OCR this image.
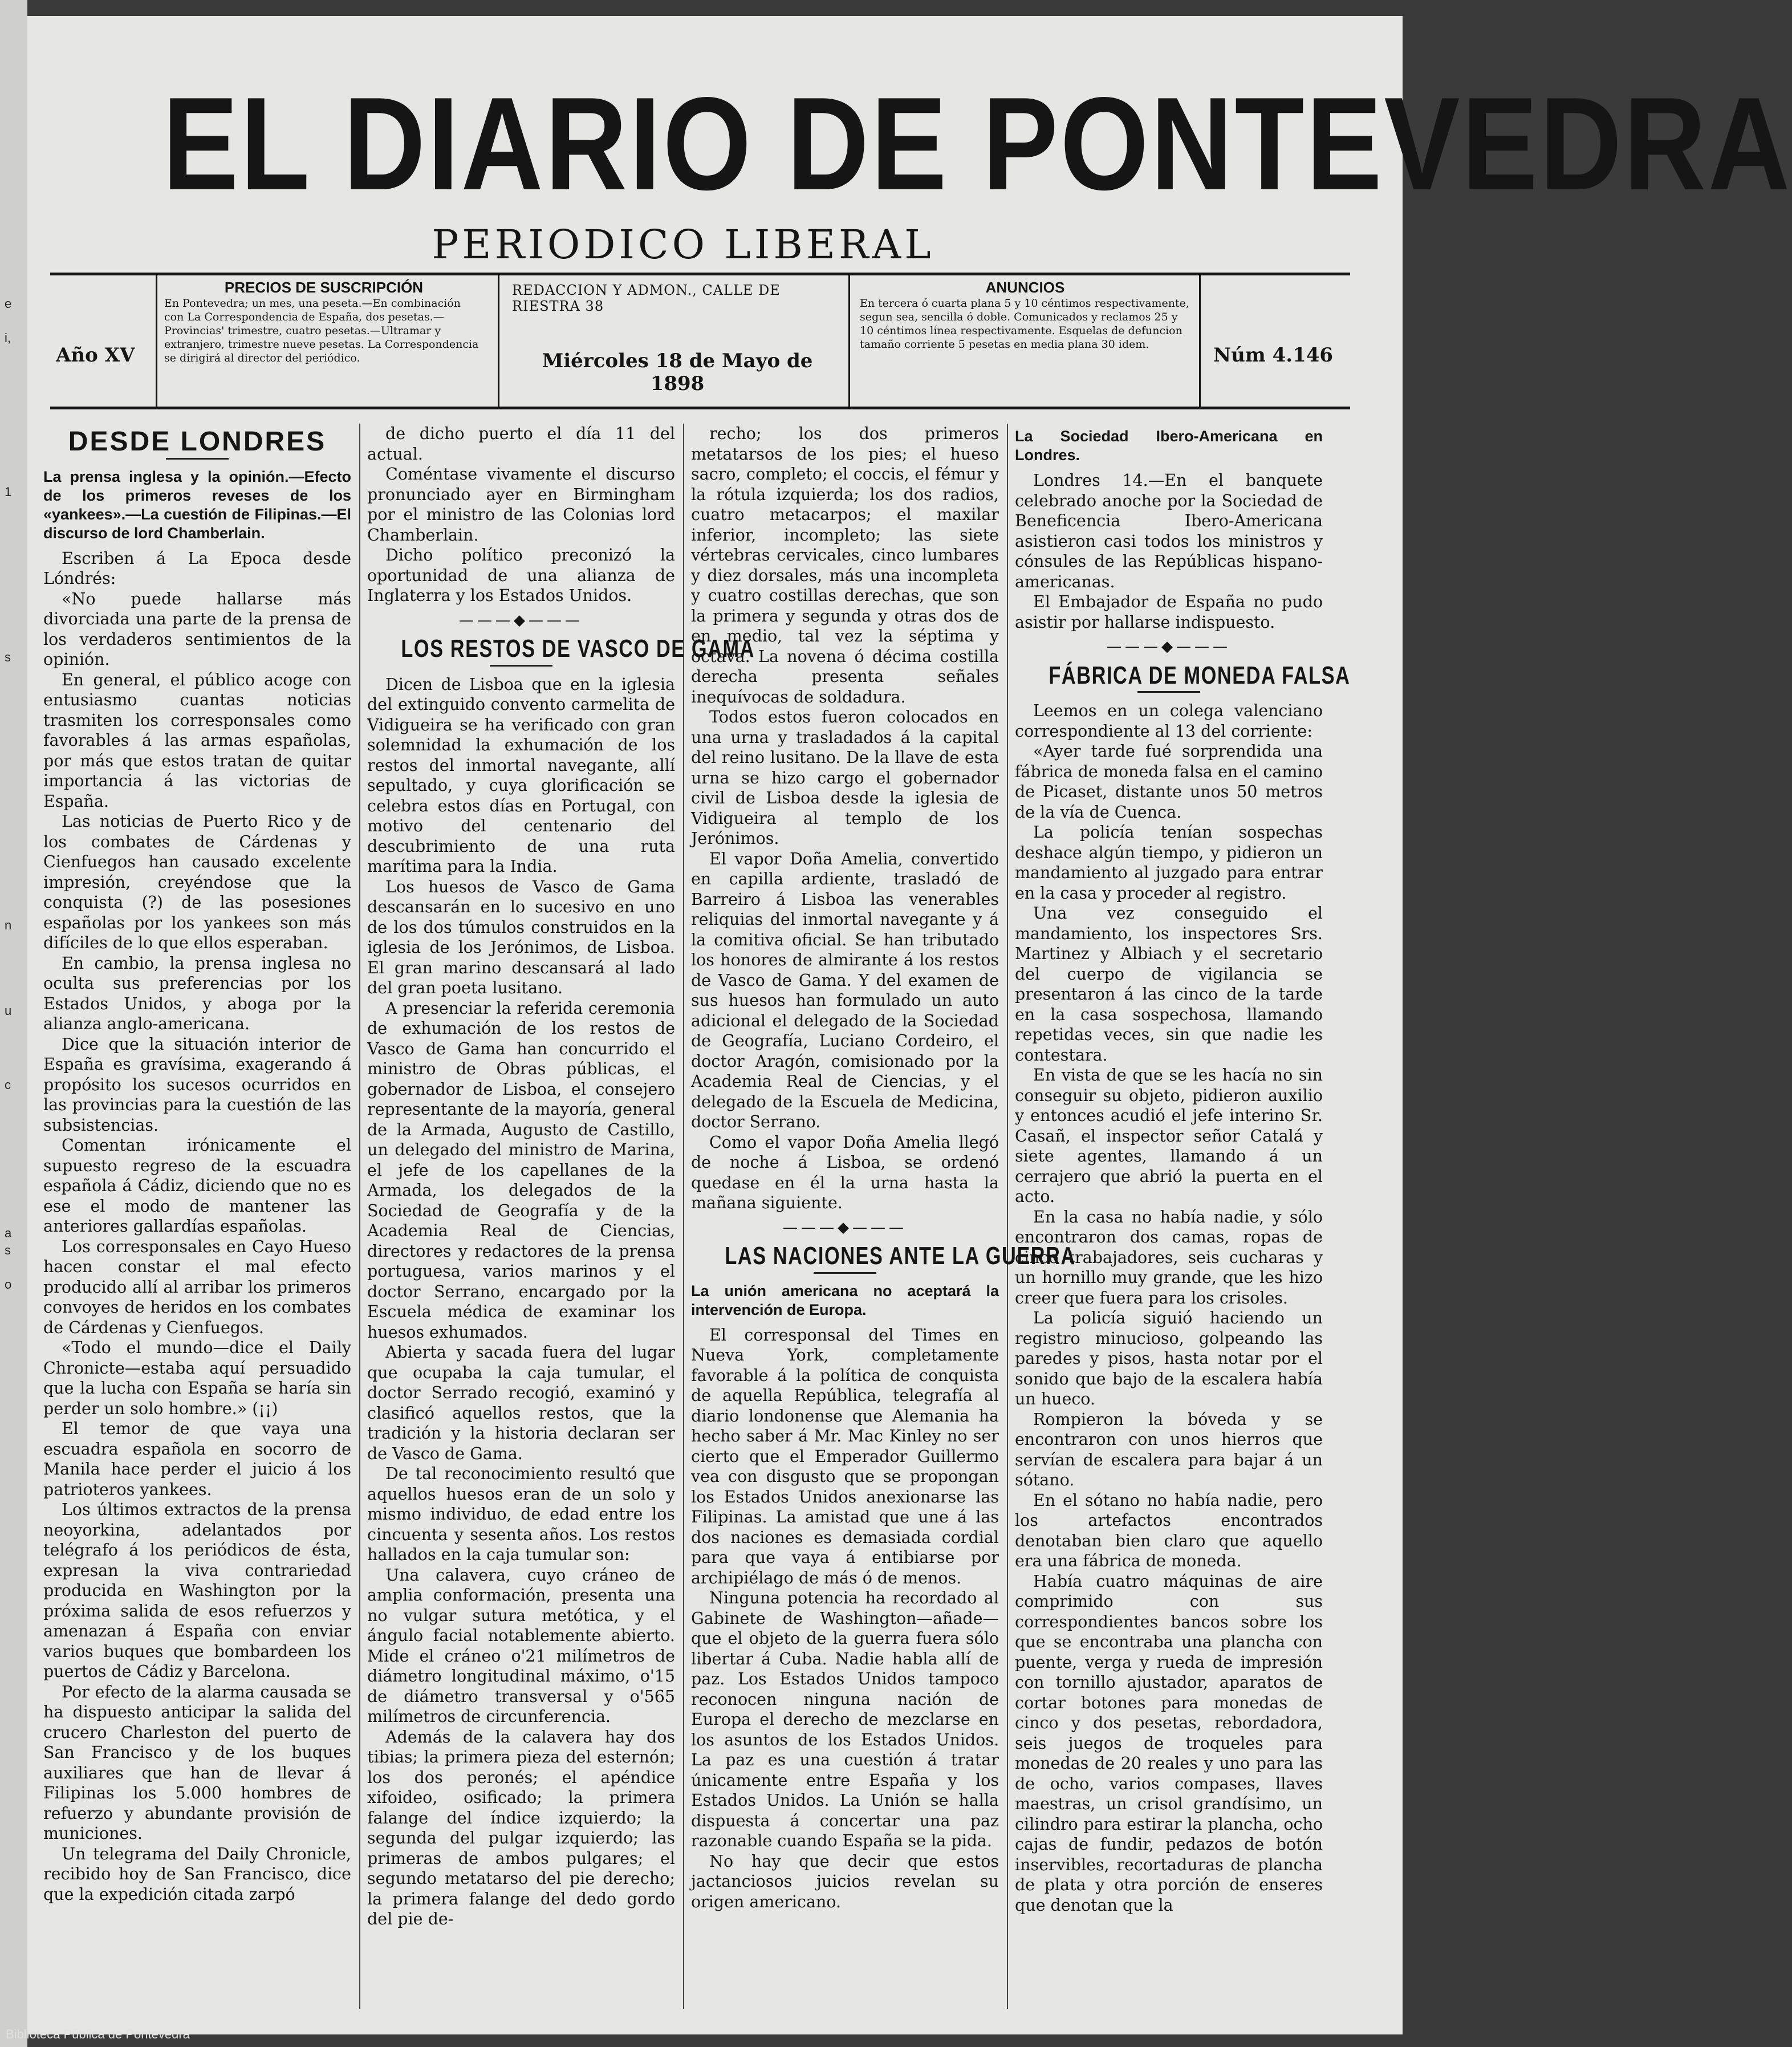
e
i,
1
s
n
u
c
a
s
o
EL DIARIO DE PONTEVEDRA
PERIODICO LIBERAL
Año XV
PRECIOS DE SUSCRIPCIÓN
En Pontevedra; un mes, una peseta.—En combinación con La Correspondencia de España, dos pesetas.—Provincias' trimestre, cuatro pesetas.—Ultramar y extranjero, trimestre nueve pesetas. La Correspondencia se dirigirá al director del periódico.
REDACCION Y ADMON., CALLE DE RIESTRA 38
Miércoles 18 de Mayo de 1898
ANUNCIOS
En tercera ó cuarta plana 5 y 10 céntimos respectivamente, segun sea, sencilla ó doble. Comunicados y reclamos 25 y 10 céntimos línea respectivamente. Esquelas de defuncion tamaño corriente 5 pesetas en media plana 30 idem.	Núm 4.146
DESDE LONDRES
La prensa inglesa y la opinión.—Efecto de los primeros reveses de los «yankees».—La cuestión de Filipinas.—El discurso de lord Chamberlain.

Escriben á La Epoca desde Lóndrés:

«No puede hallarse más divorciada una parte de la prensa de los verdaderos sentimientos de la opinión.

En general, el público acoge con entusiasmo cuantas noticias trasmiten los corresponsales como favorables á las armas españolas, por más que estos tratan de quitar importancia á las victorias de España.

Las noticias de Puerto Rico y de los combates de Cárdenas y Cienfuegos han causado excelente impresión, creyéndose que la conquista (?) de las posesiones españolas por los yankees son más difíciles de lo que ellos esperaban.

En cambio, la prensa inglesa no oculta sus preferencias por los Estados Unidos, y aboga por la alianza anglo-americana.

Dice que la situación interior de España es gravísima, exagerando á propósito los sucesos ocurridos en las provincias para la cuestión de las subsistencias.

Comentan irónicamente el supuesto regreso de la escuadra española á Cádiz, diciendo que no es ese el modo de mantener las anteriores gallardías españolas.

Los corresponsales en Cayo Hueso hacen constar el mal efecto producido allí al arribar los primeros convoyes de heridos en los combates de Cárdenas y Cienfuegos.

«Todo el mundo—dice el Daily Chronicte—estaba aquí persuadido que la lucha con España se haría sin perder un solo hombre.» (¡¡)

El temor de que vaya una escuadra española en socorro de Manila hace perder el juicio á los patrioteros yankees.

Los últimos extractos de la prensa neoyorkina, adelantados por telégrafo á los periódicos de ésta, expresan la viva contrariedad producida en Washington por la próxima salida de esos refuerzos y amenazan á España con enviar varios buques que bombardeen los puertos de Cádiz y Barcelona.

Por efecto de la alarma causada se ha dispuesto anticipar la salida del crucero Charleston del puerto de San Francisco y de los buques auxiliares que han de llevar á Filipinas los 5.000 hombres de refuerzo y abundante provisión de municiones.

Un telegrama del Daily Chronicle, recibido hoy de San Francisco, dice que la expedición citada zarpó

de dicho puerto el día 11 del actual.

Coméntase vivamente el discurso pronunciado ayer en Birmingham por el ministro de las Colonias lord Chamberlain.

Dicho político preconizó la oportunidad de una alianza de Inglaterra y los Estados Unidos.

———◆———
LOS RESTOS DE VASCO DE GAMA

Dicen de Lisboa que en la iglesia del extinguido convento carmelita de Vidigueira se ha verificado con gran solemnidad la exhumación de los restos del inmortal navegante, allí sepultado, y cuya glorificación se celebra estos días en Portugal, con motivo del centenario del descubrimiento de una ruta marítima para la India.

Los huesos de Vasco de Gama descansarán en lo sucesivo en uno de los dos túmulos construidos en la iglesia de los Jerónimos, de Lisboa. El gran marino descansará al lado del gran poeta lusitano.

A presenciar la referida ceremonia de exhumación de los restos de Vasco de Gama han concurrido el ministro de Obras públicas, el gobernador de Lisboa, el consejero representante de la mayoría, general de la Armada, Augusto de Castillo, un delegado del ministro de Marina, el jefe de los capellanes de la Armada, los delegados de la Sociedad de Geografía y de la Academia Real de Ciencias, directores y redactores de la prensa portuguesa, varios marinos y el doctor Serrano, encargado por la Escuela médica de examinar los huesos exhumados.

Abierta y sacada fuera del lugar que ocupaba la caja tumular, el doctor Serrado recogió, examinó y clasificó aquellos restos, que la tradición y la historia declaran ser de Vasco de Gama.

De tal reconocimiento resultó que aquellos huesos eran de un solo y mismo individuo, de edad entre los cincuenta y sesenta años. Los restos hallados en la caja tumular son:

Una calavera, cuyo cráneo de amplia conformación, presenta una no vulgar sutura metótica, y el ángulo facial notablemente abierto. Mide el cráneo o'21 milímetros de diámetro longitudinal máximo, o'15 de diámetro transversal y o'565 milímetros de circunferencia.

Además de la calavera hay dos tibias; la primera pieza del esternón; los dos peronés; el apéndice xifoideo, osificado; la primera falange del índice izquierdo; la segunda del pulgar izquierdo; las primeras de ambos pulgares; el segundo metatarso del pie derecho; la primera falange del dedo gordo del pie de-

recho; los dos primeros metatarsos de los pies; el hueso sacro, completo; el coccis, el fémur y la rótula izquierda; los dos radios, cuatro metacarpos; el maxilar inferior, incompleto; las siete vértebras cervicales, cinco lumbares y diez dorsales, más una incompleta y cuatro costillas derechas, que son la primera y segunda y otras dos de en medio, tal vez la séptima y octava. La novena ó décima costilla derecha presenta señales inequívocas de soldadura.

Todos estos fueron colocados en una urna y trasladados á la capital del reino lusitano. De la llave de esta urna se hizo cargo el gobernador civil de Lisboa desde la iglesia de Vidigueira al templo de los Jerónimos.

El vapor Doña Amelia, convertido en capilla ardiente, trasladó de Barreiro á Lisboa las venerables reliquias del inmortal navegante y á la comitiva oficial. Se han tributado los honores de almirante á los restos de Vasco de Gama. Y del examen de sus huesos han formulado un auto adicional el delegado de la Sociedad de Geografía, Luciano Cordeiro, el doctor Aragón, comisionado por la Academia Real de Ciencias, y el delegado de la Escuela de Medicina, doctor Serrano.

Como el vapor Doña Amelia llegó de noche á Lisboa, se ordenó quedase en él la urna hasta la mañana siguiente.

———◆———
LAS NACIONES ANTE LA GUERRA
La unión americana no aceptará la intervención de Europa.

El corresponsal del Times en Nueva York, completamente favorable á la política de conquista de aquella República, telegrafía al diario londonense que Alemania ha hecho saber á Mr. Mac Kinley no ser cierto que el Emperador Guillermo vea con disgusto que se propongan los Estados Unidos anexionarse las Filipinas. La amistad que une á las dos naciones es demasiada cordial para que vaya á entibiarse por archipiélago de más ó de menos.

Ninguna potencia ha recordado al Gabinete de Washington—añade—que el objeto de la guerra fuera sólo libertar á Cuba. Nadie habla allí de paz. Los Estados Unidos tampoco reconocen ninguna nación de Europa el derecho de mezclarse en los asuntos de los Estados Unidos. La paz es una cuestión á tratar únicamente entre España y los Estados Unidos. La Unión se halla dispuesta á concertar una paz razonable cuando España se la pida.

No hay que decir que estos jactanciosos juicios revelan su origen americano.

La Sociedad Ibero-Americana en Londres.

Londres 14.—En el banquete celebrado anoche por la Sociedad de Beneficencia Ibero-Americana asistieron casi todos los ministros y cónsules de las Repúblicas hispano-americanas.

El Embajador de España no pudo asistir por hallarse indispuesto.

———◆———
FÁBRICA DE MONEDA FALSA

Leemos en un colega valenciano correspondiente al 13 del corriente:

«Ayer tarde fué sorprendida una fábrica de moneda falsa en el camino de Picaset, distante unos 50 metros de la vía de Cuenca.

La policía tenían sospechas deshace algún tiempo, y pidieron un mandamiento al juzgado para entrar en la casa y proceder al registro.

Una vez conseguido el mandamiento, los inspectores Srs. Martinez y Albiach y el secretario del cuerpo de vigilancia se presentaron á las cinco de la tarde en la casa sospechosa, llamando repetidas veces, sin que nadie les contestara.

En vista de que se les hacía no sin conseguir su objeto, pidieron auxilio y entonces acudió el jefe interino Sr. Casañ, el inspector señor Catalá y siete agentes, llamando á un cerrajero que abrió la puerta en el acto.

En la casa no había nadie, y sólo encontraron dos camas, ropas de cinco trabajadores, seis cucharas y un hornillo muy grande, que les hizo creer que fuera para los crisoles.

La policía siguió haciendo un registro minucioso, golpeando las paredes y pisos, hasta notar por el sonido que bajo de la escalera había un hueco.

Rompieron la bóveda y se encontraron con unos hierros que servían de escalera para bajar á un sótano.

En el sótano no había nadie, pero los artefactos encontrados denotaban bien claro que aquello era una fábrica de moneda.

Había cuatro máquinas de aire comprimido con sus correspondientes bancos sobre los que se encontraba una plancha con puente, verga y rueda de impresión con tornillo ajustador, aparatos de cortar botones para monedas de cinco y dos pesetas, rebordadora, seis juegos de troqueles para monedas de 20 reales y uno para las de ocho, varios compases, llaves maestras, un crisol grandísimo, un cilindro para estirar la plancha, ocho cajas de fundir, pedazos de botón inservibles, recortaduras de plancha de plata y otra porción de enseres que denotan que la

Biblioteca Pública de Pontevedra
